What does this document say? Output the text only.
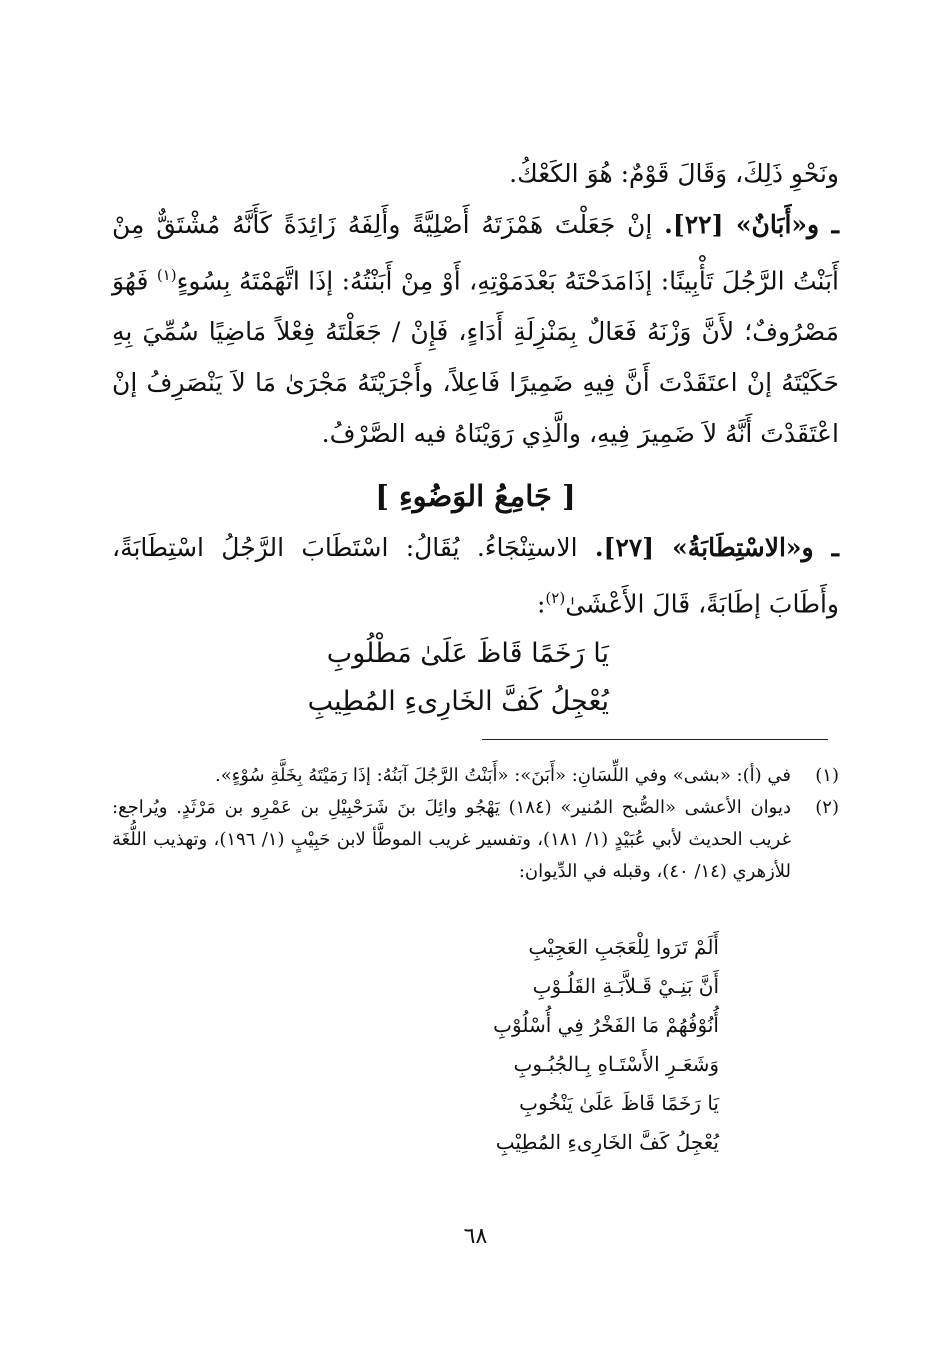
ونَحْوِ ذَلِكَ، وَقَالَ قَوْمٌ: هُوَ الكَعْكُ.

ـ و«أَبَانٌ» [٢٢]. إنْ جَعَلْتَ هَمْزَتَهُ أَصْلِيَّةً وأَلِفَهُ زَائِدَةً كَأَنَّهُ مُشْتَقٌّ مِنْ أَبَنْتُ الرَّجُلَ تَأْبِينًا: إذَامَدَحْتَهُ بَعْدَمَوْتِهِ، أَوْ مِنْ أَبَنْتُهُ: إذَا اتَّهَمْتَهُ بِسُوءٍ$^{(١)}$ فَهُوَ مَصْرُوفٌ؛ لأَنَّ وَزْنَهُ فَعَالٌ بِمَنْزِلَةِ أَدَاءٍ، فَإِنْ / جَعَلْتَهُ فِعْلاً مَاضِيًا سُمِّيَ بِهِ حَكَيْتَهُ إنْ اعتَقَدْتَ أَنَّ فِيهِ ضَمِيرًا فَاعِلاً، وأَجْرَيْتَهُ مَجْرَىٰ مَا لاَ يَنْصَرِفُ إنْ اعْتَقَدْتَ أَنَّهُ لاَ ضَمِيرَ فِيهِ، والَّذِي رَوَيْنَاهُ فيه الصَّرْفُ.

[ جَامِعُ الوَضُوءِ ]

ـ و«الاسْتِطَابَةُ» [٢٧]. الاستِنْجَاءُ. يُقَالُ: اسْتَطَابَ الرَّجُلُ اسْتِطَابَةً، وأَطَابَ إطَابَةً، قَالَ الأَعْشَىٰ$^{(٢)}$:

يَا رَخَمًا قَاظَ عَلَىٰ مَطْلُوبِ
يُعْجِلُ كَفَّ الخَارِىءِ المُطِيبِ
(١)
في (أ): «بشى» وفي اللِّسَانِ: «أَبَنَ»: «أَبَنْتُ الرَّجُلَ آبَنُهُ: إذَا رَمَيْتَهُ بِخَلَّةِ سُوْءٍ».
(٢)
ديوان الأعشى «الصُّبح المُنير» (١٨٤) يَهْجُو وائِلَ بنَ شَرَحْبِيْلِ بن عَمْرِو بن مَرْثَدٍ. ويُراجع: غريب الحديث لأبي عُبَيْدٍ (١/ ١٨١)، وتفسير غريب الموطَّأ لابن حَبِيْبٍ (١/ ١٩٦)، وتهذيب اللُّغَة للأزهري (١٤/ ٤٠)، وقبله في الدِّيوان:
أَلَمْ تَرَوا لِلْعَجَبِ العَجِيْبِ
أَنَّ بَنِـيْ قَـلاَّبَـةِ القَلُـوْبِ
أُنُوْفُهُمْ مَا الفَخْرُ فِي أُسْلُوْبِ
وَشَعَـرِ الأَسْتَـاهِ بِـالجُبُـوبِ
يَا رَخَمًا قَاظَ عَلَىٰ يَنْخُوبِ
يُعْجِلُ كَفَّ الخَارِىءِ المُطِيْبِ
٦٨
